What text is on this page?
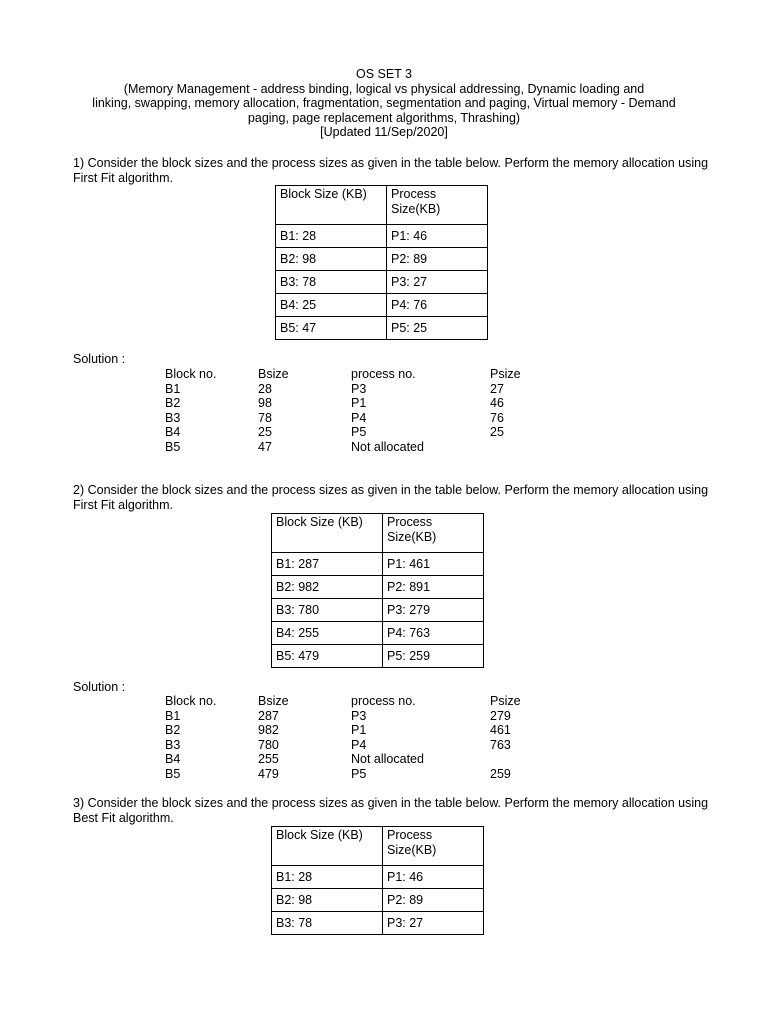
OS SET 3
(Memory Management - address binding, logical vs physical addressing, Dynamic loading and
linking, swapping, memory allocation, fragmentation, segmentation and paging, Virtual memory - Demand
paging, page replacement algorithms, Thrashing)
[Updated 11/Sep/2020]
1) Consider the block sizes and the process sizes as given in the table below. Perform the memory allocation using First Fit algorithm.
Block Size (KB)	Process Size(KB)
B1: 28	P1: 46
B2: 98	P2: 89
B3: 78	P3: 27
B4: 25	P4: 76
B5: 47	P5: 25
Solution :
Block no.	Bsize	process no.	Psize
B1	28	P3	27
B2	98	P1	46
B3	78	P4	76
B4	25	P5	25
B5	47	Not allocated
2) Consider the block sizes and the process sizes as given in the table below. Perform the memory allocation using First Fit algorithm.
Block Size (KB)	Process Size(KB)
B1: 287	P1: 461
B2: 982	P2: 891
B3: 780	P3: 279
B4: 255	P4: 763
B5: 479	P5: 259
Solution :
Block no.	Bsize	process no.	Psize
B1	287	P3	279
B2	982	P1	461
B3	780	P4	763
B4	255	Not allocated
B5	479	P5	259
3) Consider the block sizes and the process sizes as given in the table below. Perform the memory allocation using Best Fit algorithm.
Block Size (KB)	Process Size(KB)
B1: 28	P1: 46
B2: 98	P2: 89
B3: 78	P3: 27
